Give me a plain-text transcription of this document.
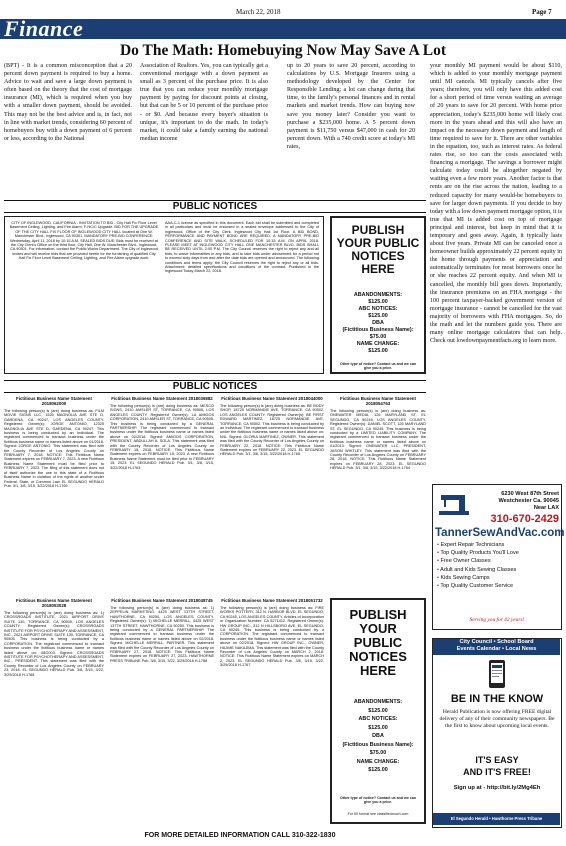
March 22, 2018	Page 7
Finance
Do The Math: Homebuying Now May Save A Lot
(BPT) - It is a common misconception that a 20 percent down payment is required to buy a home. Advice to wait and save a large down payment is often based on the theory that the cost of mortgage insurance (MI), which is required when you buy with a smaller down payment, should be avoided. This may not be the best advice and is, in fact, not in line with market trends, considering 60 percent of homebuyers buy with a down payment of 6 percent or less, according to the National
Association of Realtors. Yes, you can typically get a conventional mortgage with a down payment as small as 3 percent of the purchase price. It is also true that you can reduce your monthly mortgage payment by paying for discount points at closing, but that can be 5 or 10 percent of the purchase price - or $0. And because every buyer's situation is unique, it's important to do the math. In today's market, it could take a family earning the national median income
up to 20 years to save 20 percent, according to calculations by U.S. Mortgage Insurers using a methodology developed by the Center for Responsible Lending; a lot can change during that time, to the family's personal finances and in rental markets and market trends. How can buying now save you money later? Consider you want to purchase a $235,000 home. A 5 percent down payment is $11,750 versus $47,000 in cash for 20 percent down. With a 740 credit score at today's MI rates,
your monthly MI payment would be about $110, which is added to your monthly mortgage payment until MI cancels. MI typically cancels after five years; therefore, you will only have this added cost for a short period of time versus waiting an average of 20 years to save for 20 percent. With home price appreciation, today's $235,000 home will likely cost more in the years ahead and this will also have an impact on the necessary down payment and length of time required to save for it. There are other variables in the equation, too, such as interest rates. As federal rates rise, so too can the costs associated with financing a mortgage. The savings a borrower might calculate today could be altogether negated by waiting even a few more years. Another factor is that rents are on the rise across the nation, leading to a reduced capacity for many would-be homebuyers to save for larger down payments. If you decide to buy today with a low down payment mortgage option, it is true that MI is added cost on top of mortgage principal and interest, but keep in mind that it is temporary and goes away. Again, it typically lasts about five years. Private MI can be canceled once a homeowner builds approximately 22 percent equity in the home through payments or appreciation and automatically terminates for most borrowers once he or she reaches 22 percent equity. And when MI is cancelled, the monthly bill goes down. Importantly, the insurance premiums on an FHA mortgage - the 100 percent taxpayer-backed government version of mortgage insurance - cannot be cancelled for the vast majority of borrowers with FHA mortgages. So, do the math and let the numbers guide you. There are many online mortgage calculators that can help. Check out lowdownpaymentfacts.org to learn more.
PUBLIC NOTICES
CITY OF INGLEWOOD, CALIFORNIA - INVITATION TO BID - City Hall Fix Floor Level Basement Ceiling, Lighting, and Fire Alarm, F-NC/C Upgrade. BID FOR THE UPGRADE OF THE CITY HALL FIX FLOOR OF INGLEWOOD CITY HALL located at One W. Manchester Blvd., Inglewood, CA 90301. MANDATORY PRE-BID CONFERENCE: Wednesday, April 11, 2018 by 10:15 A.M. SEALED BIDS DUE: Bids must be received at the City Clerk's Office on the third floor, City Hall, One W. Manchester Blvd., Inglewood, CA 90301. For information, contact the Public Works Department. The City of Inglewood invites and will receive bids that are provided herein for the furnishing of qualified City Hall Fix Floor Level Basement Ceiling, Lighting, and Fire Alarm upgrade work.
AAA-C-1 license as specified in this document. Each bid shall be submitted and completed in all particulars and must be enclosed in a sealed envelope addressed to the City of Inglewood, Office of the City Clerk. Inglewood City Hall 1st Floor. A BID BOND, PERFORMANCE AND PAYMENT BOND ARE REQUIRED. A MANDATORY PRE-BID CONFERENCE AND SITE WALK, SCHEDULED FOR 10:15 A.M. ON APRIL 2018. PLEASE MEET AT INGLEWOOD CITY HALL ONE MANCHESTER BLVD. BIDS SHALL BE RECEIVED UNTIL 2:00 P.M. The City Council reserves the right to reject any and all bids, to waive informalities in any bids, and to take bids under advisement for a period not to exceed sixty days from and after the date bids are opened and announced. The following conditions and terms apply: the City Council reserves the right to reject any or all bids. Attachment: detailed specifications and conditions of the contract. Published in the Inglewood Today March 22, 2018.
PUBLISH YOUR PUBLIC NOTICES HERE
ABANDONMENTS:
$125.00
ABC NOTICES:
$125.00
DBA
(Fictitious Business Name):
$75.00
NAME CHANGE:
$125.00
Other type of notice? Contact us and we can give you a price.
PUBLIC NOTICES
Fictitious Business Name Statement 2018062000
The following person(s) is (are) doing business as: FILM MOVIE SIGNS LLC, 1525 MAGNOLIA AVE STE D, GARDENA, CA 90247, LOS ANGELES COUNTY. Registered Owner(s): JORGE ANTONIO, 12325 MAGNOLIA AVE STE D, GARDENA, CA 90247. This business is being conducted by an Individual. The registrant commenced to transact business under the fictitious business name or names listed above on 01/2018. Signed: JORGE ANTONIO. This statement was filed with the County Recorder of Los Angeles County on FEBRUARY 7, 2018. NOTICE: This Fictitious Name Statement expires on FEBRUARY 7, 2023. A new Fictitious Business Name Statement must be filed prior to FEBRUARY 7, 2023. The filing of this statement does not of itself authorize the use in this state of a Fictitious Business Name in violation of the rights of another under Federal, State, or Common Law. EL SEGUNDO HERALD Pub. 3/1, 3/8, 3/15, 3/22/2018 H-1769
Fictitious Business Name Statement 2018036882
The following person(s) is (are) doing business as: MESCO SIGNS, 2410 AMSLER ST, TORRANCE, CA 90505, LOS ANGELES COUNTY. Registered Owner(s): LA AMIGOS CORPORATION, 2410 AMSLER ST, TORRANCE, CA 90505. This business is being conducted by a GENERAL PARTNERSHIP. The registrant commenced to transact business under the fictitious business name or names listed above on 02/2018. Signed: AMIGOS CORPORATION, PRESIDENT, ABDULLAH A. SOLA. This statement was filed with the County Recorder of Los Angeles County on FEBRUARY 15, 2018. NOTICE: This Fictitious Name Statement expires on FEBRUARY 15, 2023. A new Fictitious Business Name Statement must be filed prior to FEBRUARY 15, 2023. EL SEGUNDO HERALD Pub. 3/1, 3/8, 3/15, 3/22/2018 H-1763
Fictitious Business Name Statement 2018044000
The following person(s) is (are) doing business as: BE BODY SHOP, 18725 NORMANDIE AVE, TORRANCE, CA 90502, LOS ANGELES COUNTY. Registered Owner(s): BE FIRST EDWARD MARTINEZ, 18725 NORMANDIE AVE, TORRANCE, CA 90502. This business is being conducted by an Individual. The registrant commenced to transact business under the fictitious business name or names listed above on: N/A. Signed: GLORIA MARTINEZ, OWNER. This statement was filed with the County Recorder of Los Angeles County on FEBRUARY 22, 2018. NOTICE: This Fictitious Name Statement expires on FEBRUARY 22, 2023. EL SEGUNDO HERALD Pub. 3/1, 3/8, 3/15, 3/22/2018 H-1765
Fictitious Business Name Statement 2018054763
The following person(s) is (are) doing business as: ONEWATER MEDIA, 126 MARYLAND ST, EL SEGUNDO, CA 90245, LOS ANGELES COUNTY. Registered Owner(s): DANIEL SCOTT, 126 MARYLAND ST, EL SEGUNDO, CA 90245. This business is being conducted by a LIMITED LIABILITY COMPANY. The registrant commenced to transact business under the fictitious business name or names listed above on 01/2013. Signed: ONEWATER LLC, PRESIDENT, JASON WHITLEY. This statement was filed with the County Recorder of Los Angeles County on FEBRUARY 28, 2018. NOTICE: This Fictitious Name Statement expires on FEBRUARY 28, 2023. EL SEGUNDO HERALD Pub. 3/1, 3/8, 3/15, 3/22/2018 H-1764
Fictitious Business Name Statement 2018053028
The following person(s) is (are) doing business as: 1) CROSSROADS INSTITUTE, 2021 AIRPORT DRIVE SUITE 130, TORRANCE, CA 90505, LOS ANGELES COUNTY. Registered Owner(s): CROSSROADS INSTITUTE FOR PSYCHOTHERAPY AND ASSESSMENT, INC., 2021 AIRPORT DRIVE SUITE 130, TORRANCE, CA 90505. This business is being conducted by a CORPORATION. The registrant commenced to transact business under the fictitious business name or names listed above on: 08/2003. Signed: CROSSROADS INSTITUTE FOR PSYCHOTHERAPY AND ASSESSMENT, INC., PRESIDENT. This statement was filed with the County Recorder of Los Angeles County on FEBRUARY 23, 2018. EL SEGUNDO HERALD Pub. 3/8, 3/15, 3/22, 3/29/2018 H-1768
Fictitious Business Name Statement 2018048745
The following person(s) is (are) doing business as: 1) ZEPPELIN MARKETING, 4425 WEST 137TH STREET, HAWTHORNE, CA 90250, LOS ANGELES COUNTY. Registered Owner(s): 1) MICHELLE MERRILL, 4425 WEST 137TH STREET, HAWTHORNE, CA 90250. This business is being conducted by a GENERAL PARTNERSHIP. The registrant commenced to transact business under the fictitious business name or names listed above on 02/2018. Signed: MICHELLE MERRILL, PARTNER. This statement was filed with the County Recorder of Los Angeles County on FEBRUARY 27, 2018. NOTICE: This Fictitious Name Statement expires on FEBRUARY 27, 2023. HAWTHORNE PRESS TRIBUNE Pub. 3/8, 3/15, 3/22, 3/29/2018 H-1788
Fictitious Business Name Statement 2018051732
The following person(s) is (are) doing business as: FIRE WORKS POTTERY, 312 N. HARBOR BLVD, EL SEGUNDO, CA 90245, LOS ANGELES COUNTY. Articles of Incorporation or Organization Number: CA 5271412. Registered Owner(s): HW GROUP INC., 312 N HILLSBORO AVE, EL SEGUNDO, CA 90245. This business is being conducted by a CORPORATION. The registrant commenced to transact business under the fictitious business name or names listed above on 02/2018. Signed: HW GROUP INC., OWNER, HAJIME NAKAJIMA. This statement was filed with the County Recorder of Los Angeles County on MARCH 2, 2018. NOTICE: This Fictitious Name Statement expires on MARCH 2, 2023. EL SEGUNDO HERALD Pub. 3/8, 3/15, 3/22, 3/29/2018 H-1767
PUBLISH YOUR PUBLIC NOTICES HERE
ABANDONMENTS:
$125.00
ABC NOTICES:
$125.00
DBA
(Fictitious Business Name):
$75.00
NAME CHANGE:
$125.00
Other type of notice? Contact us and we can give you a price.
For 69 format see classifiedmuch.com
6230 West 87th Street
Westchester Ca. 90045
Near LAX
310-670-2429
TannerSewAndVac.com
• Expert Repair Technicians
• Top Quality Products You'll Love
• Free Owner Classes
• Adult and Kids Sewing Classes
• Kids Sewing Camps
• Top Quality Customer Service
Serving you for 42 years!
City Council • School Board
Events Calendar • Local News
BE IN THE KNOW
Herald Publication is now offering FREE digital delivery of any of their community newspapers. Be the first to know about upcoming local events.
IT'S EASY
AND IT'S FREE!
Sign up at - http://bit.ly/2Mg4Eh
El Segundo Herald • Hawthorne Press Tribune
FOR MORE DETAILED INFORMATION CALL 310-322-1830
